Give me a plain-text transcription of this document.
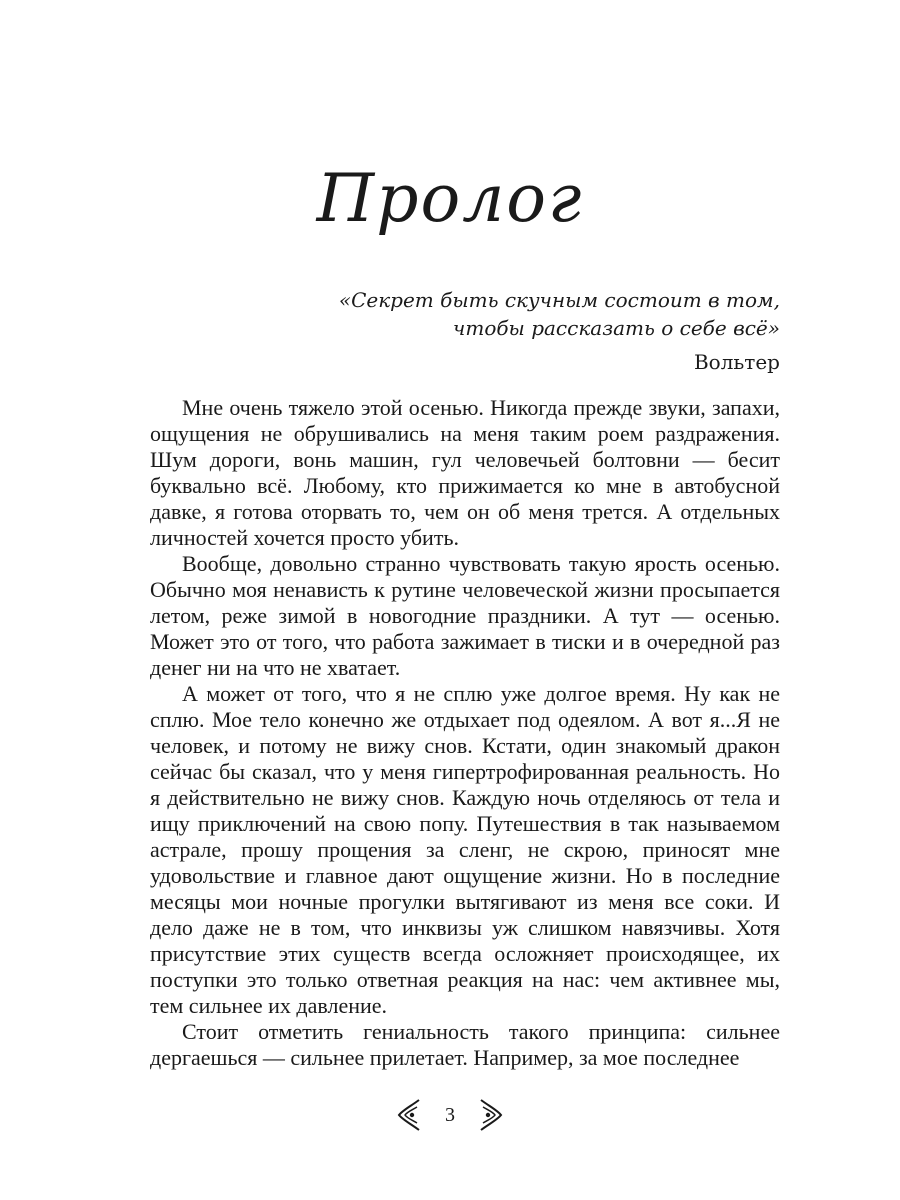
Пролог
«Секрет быть скучным состоит в том,
чтобы рассказать о себе всё»
Вольтер

Мне очень тяжело этой осенью. Никогда прежде звуки, запахи, ощущения не обрушивались на меня таким роем раздражения. Шум дороги, вонь машин, гул человечьей болтовни — бесит буквально всё. Любому, кто прижимается ко мне в автобусной давке, я готова оторвать то, чем он об меня трется. А отдельных личностей хочется просто убить.

Вообще, довольно странно чувствовать такую ярость осенью. Обычно моя ненависть к рутине человеческой жизни просыпается летом, реже зимой в новогодние праздники. А тут — осенью. Может это от того, что работа зажимает в тиски и в очередной раз денег ни на что не хватает.

А может от того, что я не сплю уже долгое время. Ну как не сплю. Мое тело конечно же отдыхает под одеялом. А вот я...Я не человек, и потому не вижу снов. Кстати, один знакомый дракон сейчас бы сказал, что у меня гипертрофированная реальность. Но я действительно не вижу снов. Каждую ночь отделяюсь от тела и ищу приключений на свою попу. Путешествия в так называемом астрале, прошу прощения за сленг, не скрою, приносят мне удовольствие и главное дают ощущение жизни. Но в последние месяцы мои ночные прогулки вытягивают из меня все соки. И дело даже не в том, что инквизы уж слишком навязчивы. Хотя присутствие этих существ всегда осложняет происходящее, их поступки это только ответная реакция на нас: чем активнее мы, тем сильнее их давление.

Стоит отметить гениальность такого принципа: сильнее дергаешься — сильнее прилетает. Например, за мое последнее

3
